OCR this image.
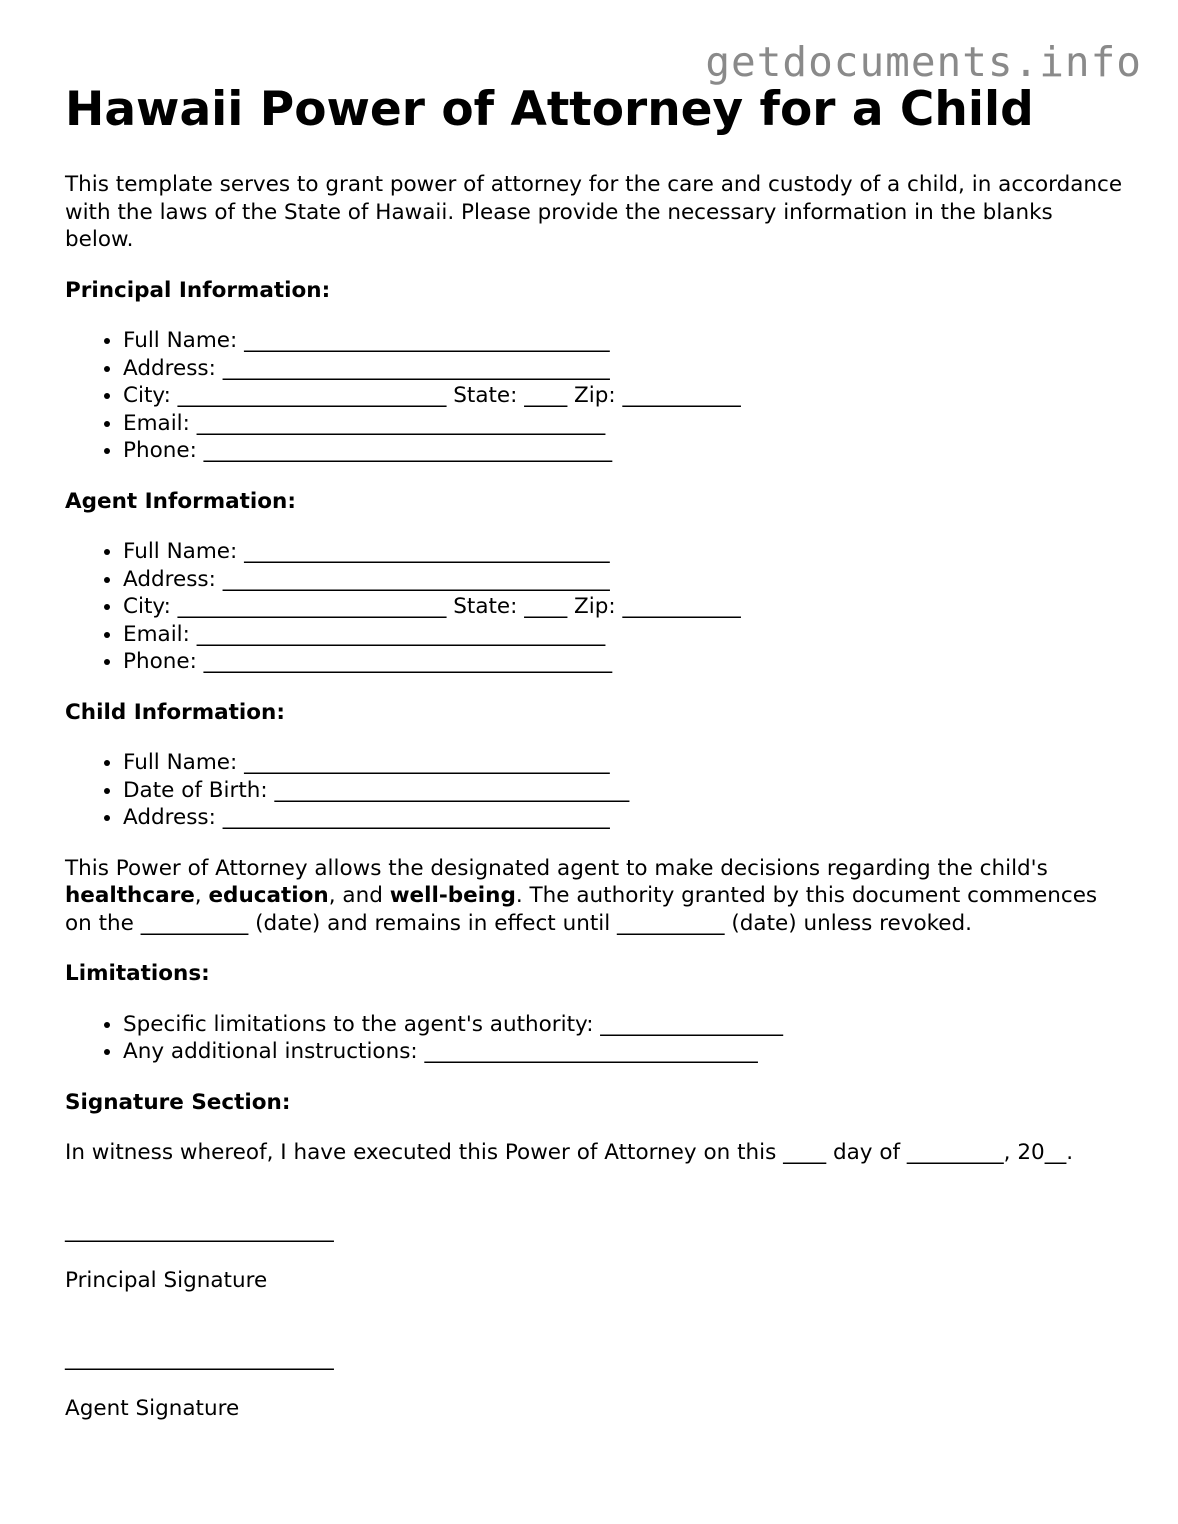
getdocuments.info
Hawaii Power of Attorney for a Child

This template serves to grant power of attorney for the care and custody of a child, in accordance with the laws of the State of Hawaii. Please provide the necessary information in the blanks below.

Principal Information:
• Full Name: __________________________________
• Address: ____________________________________
• City: _________________________ State: ____ Zip: ___________
• Email: ______________________________________
• Phone: ______________________________________
Agent Information:
• Full Name: __________________________________
• Address: ____________________________________
• City: _________________________ State: ____ Zip: ___________
• Email: ______________________________________
• Phone: ______________________________________
Child Information:
• Full Name: __________________________________
• Date of Birth: _________________________________
• Address: ____________________________________

This Power of Attorney allows the designated agent to make decisions regarding the child's healthcare, education, and well-being. The authority granted by this document commences on the __________ (date) and remains in effect until __________ (date) unless revoked.

Limitations:
• Specific limitations to the agent's authority: _________________
• Any additional instructions: _______________________________
Signature Section:

In witness whereof, I have executed this Power of Attorney on this ____ day of _________, 20__.

_________________________

Principal Signature

_________________________

Agent Signature
